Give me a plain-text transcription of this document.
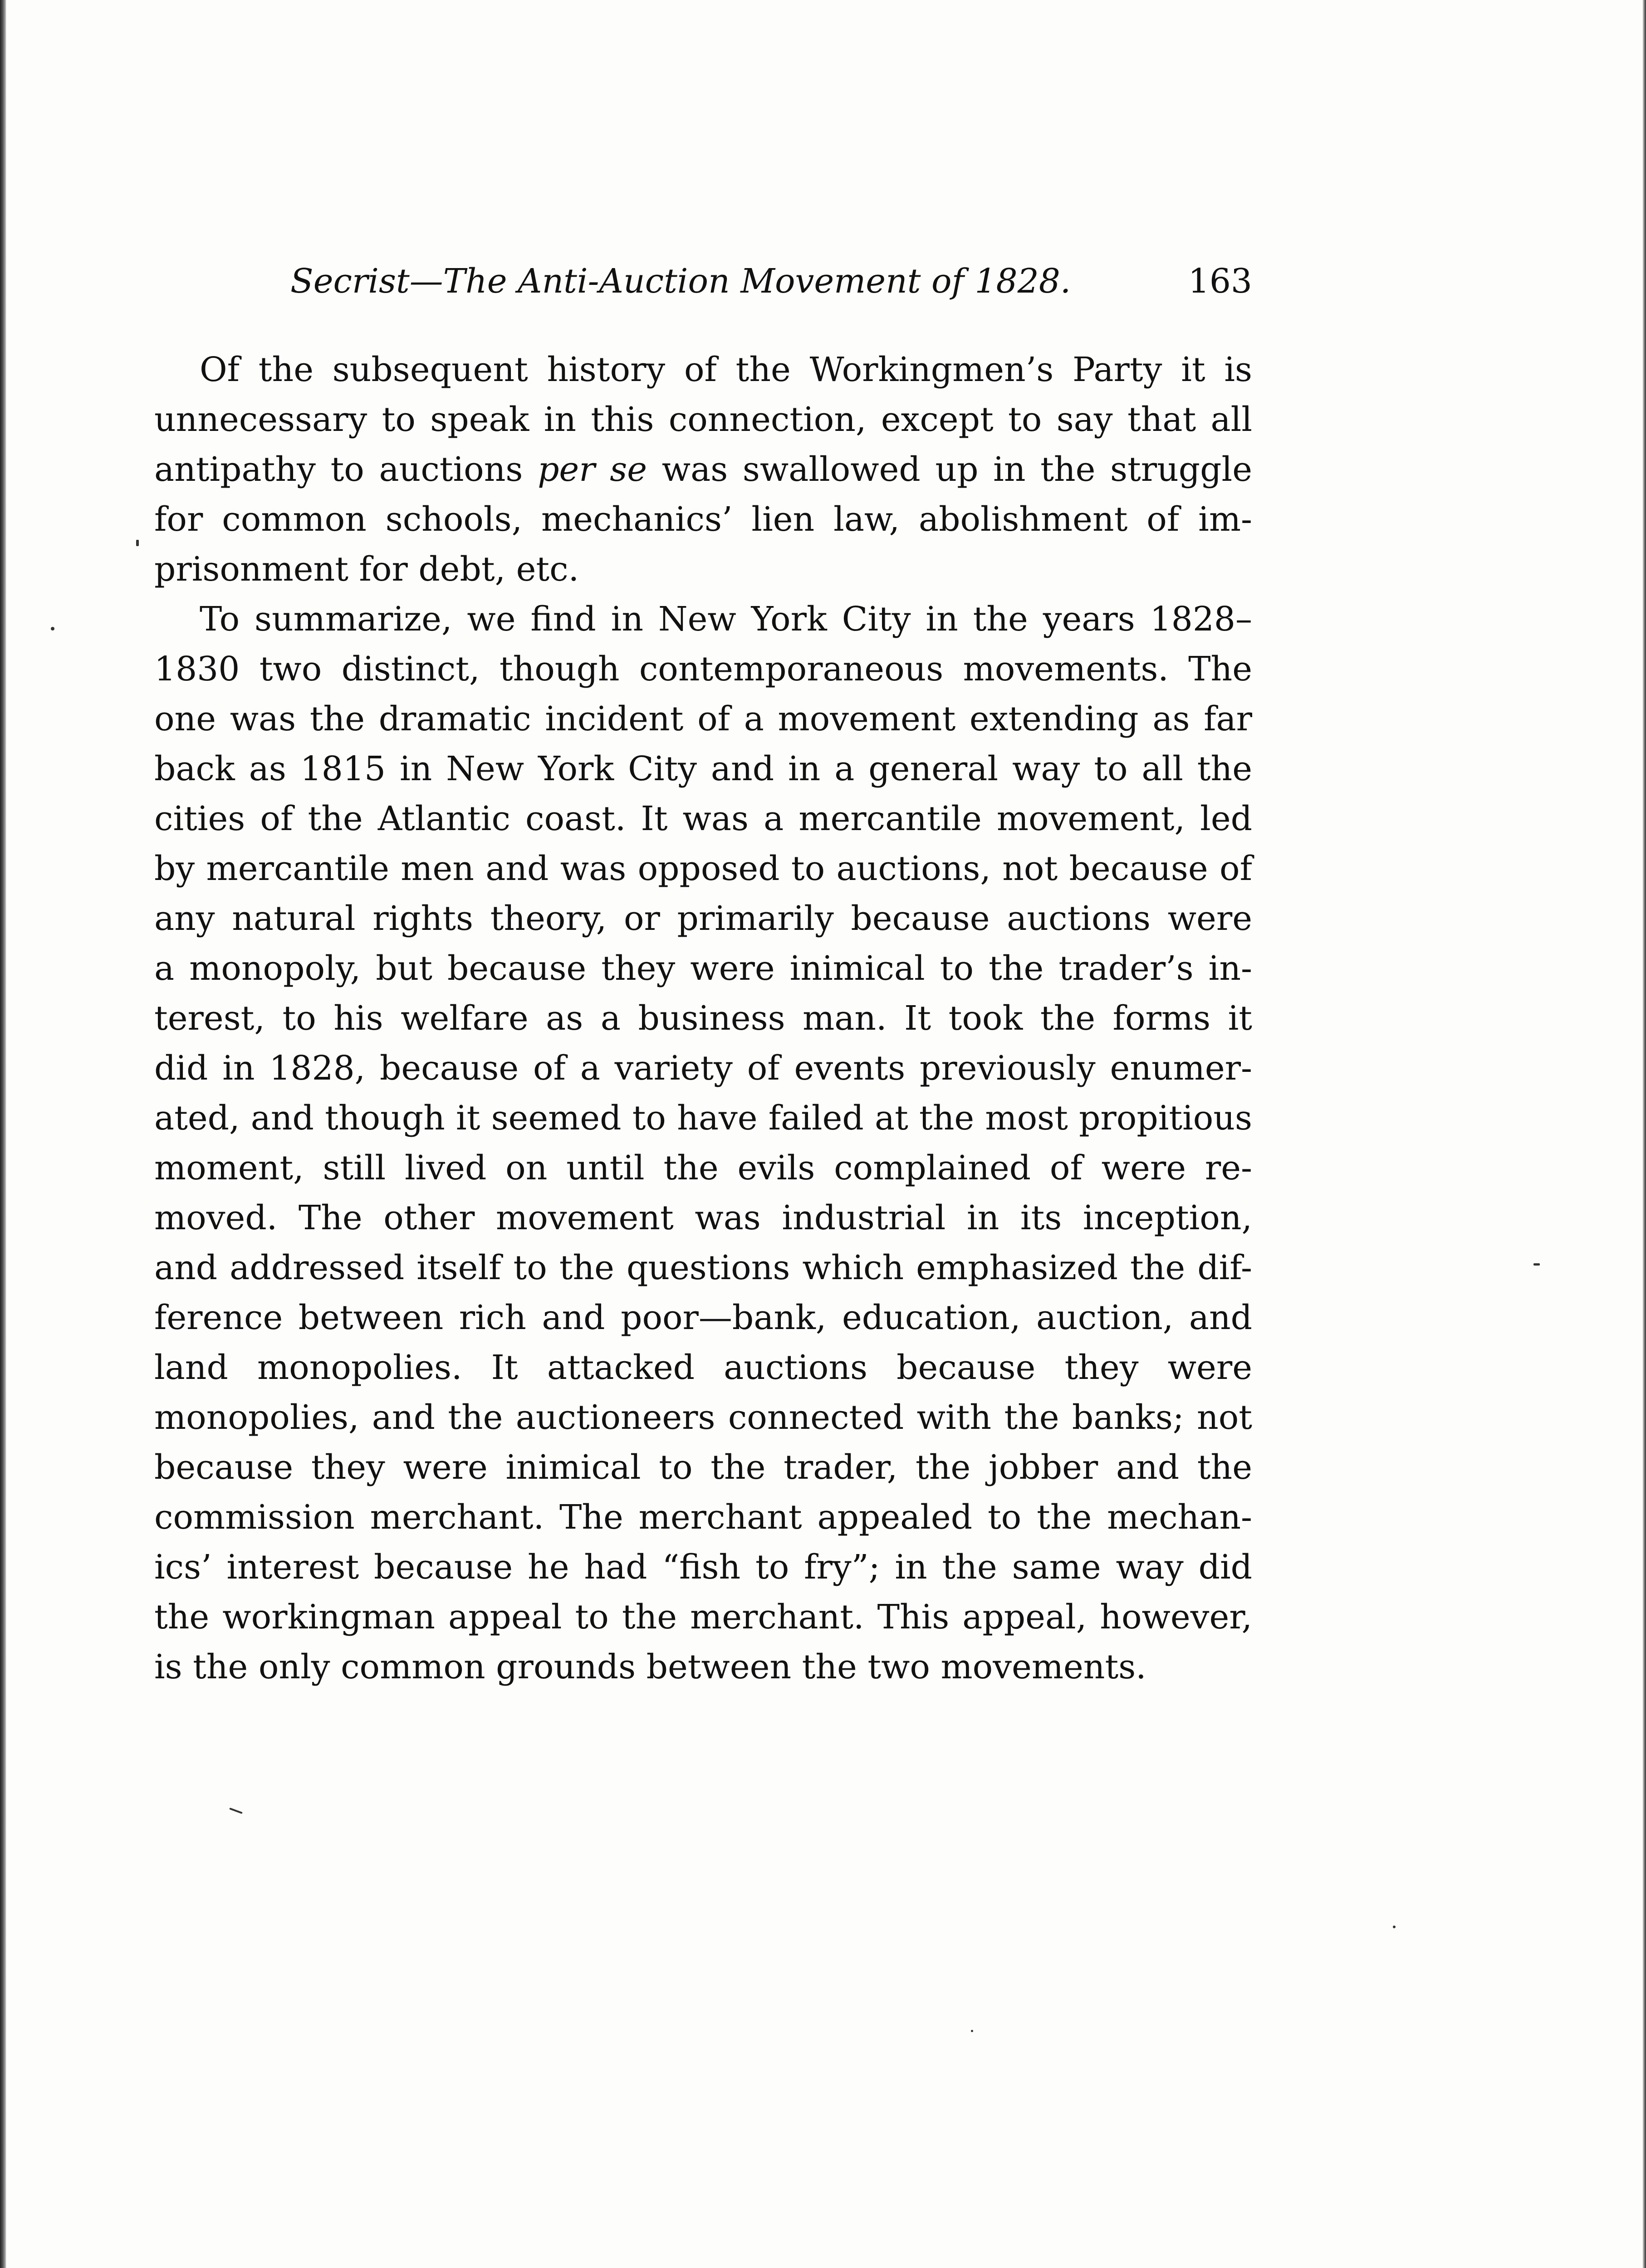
Secrist—The Anti-Auction Movement of 1828.	163
Of the subsequent history of the Workingmen’s Party it is
unnecessary to speak in this connection, except to say that all
antipathy to auctions per se was swallowed up in the struggle
for common schools, mechanics’ lien law, abolishment of im-
prisonment for debt, etc.
To summarize, we find in New York City in the years 1828–
1830 two distinct, though contemporaneous movements. The
one was the dramatic incident of a movement extending as far
back as 1815 in New York City and in a general way to all the
cities of the Atlantic coast. It was a mercantile movement, led
by mercantile men and was opposed to auctions, not because of
any natural rights theory, or primarily because auctions were
a monopoly, but because they were inimical to the trader’s in-
terest, to his welfare as a business man. It took the forms it
did in 1828, because of a variety of events previously enumer-
ated, and though it seemed to have failed at the most propitious
moment, still lived on until the evils complained of were re-
moved. The other movement was industrial in its inception,
and addressed itself to the questions which emphasized the dif-
ference between rich and poor—bank, education, auction, and
land monopolies. It attacked auctions because they were
monopolies, and the auctioneers connected with the banks; not
because they were inimical to the trader, the jobber and the
commission merchant. The merchant appealed to the mechan-
ics’ interest because he had “fish to fry”; in the same way did
the workingman appeal to the merchant. This appeal, however,
is the only common grounds between the two movements.
